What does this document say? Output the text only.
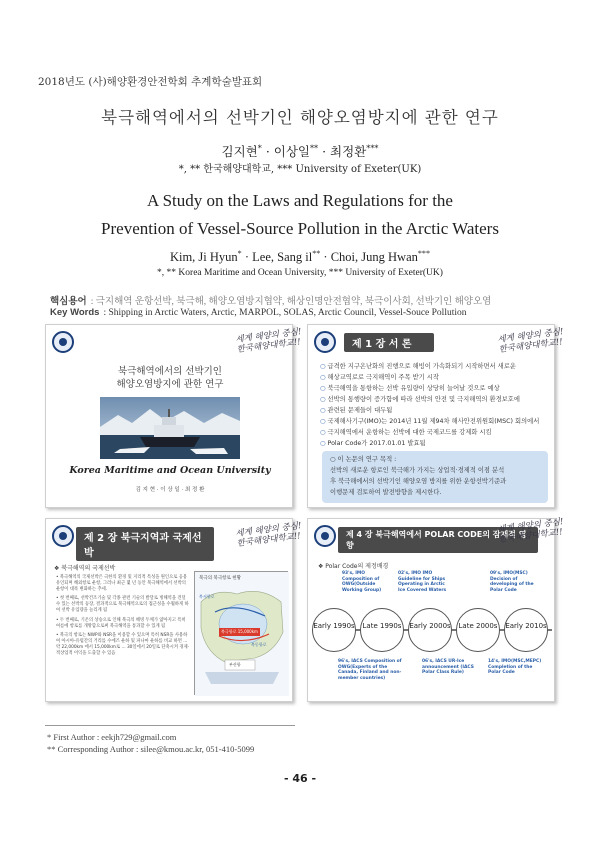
2018년도 (사)해양환경안전학회 추계학술발표회
북극해역에서의 선박기인 해양오염방지에 관한 연구
김지현* · 이상일** · 최정환***
*, ** 한국해양대학교, *** University of Exeter(UK)
A Study on the Laws and Regulations for the
Prevention of Vessel-Source Pollution in the Arctic Waters
Kim, Ji Hyun* · Lee, Sang il** · Choi, Jung Hwan***
*, ** Korea Maritime and Ocean University, *** University of Exeter(UK)
핵심용어 : 극지해역 운항선박, 북극해, 해양오염방지협약, 해상인명안전협약, 북극이사회, 선박기인 해양오염
Key Words : Shipping in Arctic Waters, Arctic, MARPOL, SOLAS, Arctic Council, Vessel-Souce Pollution
세계 해양의 중심!
한국해양대학교!!
북극해역에서의 선박기인
해양오염방지에 관한 연구
Korea Maritime and Ocean University
김 지 현 · 이 상 일 · 최 정 환
제 1 장 서 론	세계 해양의 중심!
한국해양대학교!!
○ 급격한 지구온난화의 진행으로 해빙이 가속화되기 시작하면서 새로운
○ 해상교역로로 극지해역이 주목 받기 시작
○ 북극해역을 통항하는 선박 유입량이 상당히 늘어날 것으로 예상
○ 선박의 통행량이 증가함에 따라 선박의 안전 및 극지해역의 환경보호에
○ 관련된 문제들이 대두됨
○ 국제해사기구(IMO)는 2014년 11월 제94차 해사안전위원회(MSC) 회의에서
○ 극지해역에서 운항하는 선박에 대한 국제코드를 강제화 시킴
○ Polar Code가 2017.01.01 발효됨
○ 이 논문의 연구 목적 :
선박의 새로운 항로인 북극해가 가지는 상업적·경제적 이점 분석
후 북극해에서의 선박기인 해양오염 방지를 위한 운항선박기준과
이행문제 검토하여 발전방향을 제시한다.
제 2 장 북극지역과 국제선박
세계 해양의 중심!
한국해양대학교!!
❖ 북극해역의 국제선박
• 북극해역의 국제선박은 극한의 환경 및 지리적 특성을 원인으로 응용 유인되며 해외항로 운항, 그러나 최근 몇 년 동안 북극해역에서 선박의 운항이 대폭 변화하는 추세.
• 첫 번째로, 선박건조기술 및 각종 관련 기술의 발달로 빙해역을 견딜 수 있는 선박의 등장, 결과적으로 북극해역으로의 접근성을 수월하게 하여 선박 유입량을 늘리게 됨
• 두 번째로, 기온의 상승으로 인해 북극의 해빙 두께가 얇아지고 특히 여름에 항로를 개방함으로써 북극해역을 통과할 수 있게 됨
• 북극의 항로는 NWP와 NSR을 이용할 수 있으며 특히 NSR을 사용하여 아시아-유럽간의 거리를 수에즈 운하 및 파나마 운하를 비교 하면 ... 약 22,000km 에서 15,000km로 ... 30일에서 20일로 단축시켜 경제·적상업적 이익을 도출할 수 있음
북극의 북극항로 현황
북서항로
북동항로
북극항로 15,000km
부산항
제 4 장 북극해역에서 POLAR CODE의 잠재적 영향
세계 해양의 중심!
한국해양대학교!!
❖ Polar Code의 제정배경
Early 1990s	Late 1990s	Early 2000s	Late 2000s	Early 2010s
93's, IMO Composition of OWG(Outside Working Group)
02's, IMO IMO Guideline for Ships Operating in Arctic Ice Covered Waters
09's, IMO(MSC) Decision of developing of the Polar Code
96's, IACS Composition of OWG(Experts of the Canada, Finland and non-member countries)
06's, IACS UR-Ice announcement (IACS Polar Class Rule)
14's, IMO(MSC,MEPC) Completion of the Polar Code
* First Author : eekjh729@gmail.com
** Corresponding Author : silee@kmou.ac.kr, 051-410-5099
- 46 -
